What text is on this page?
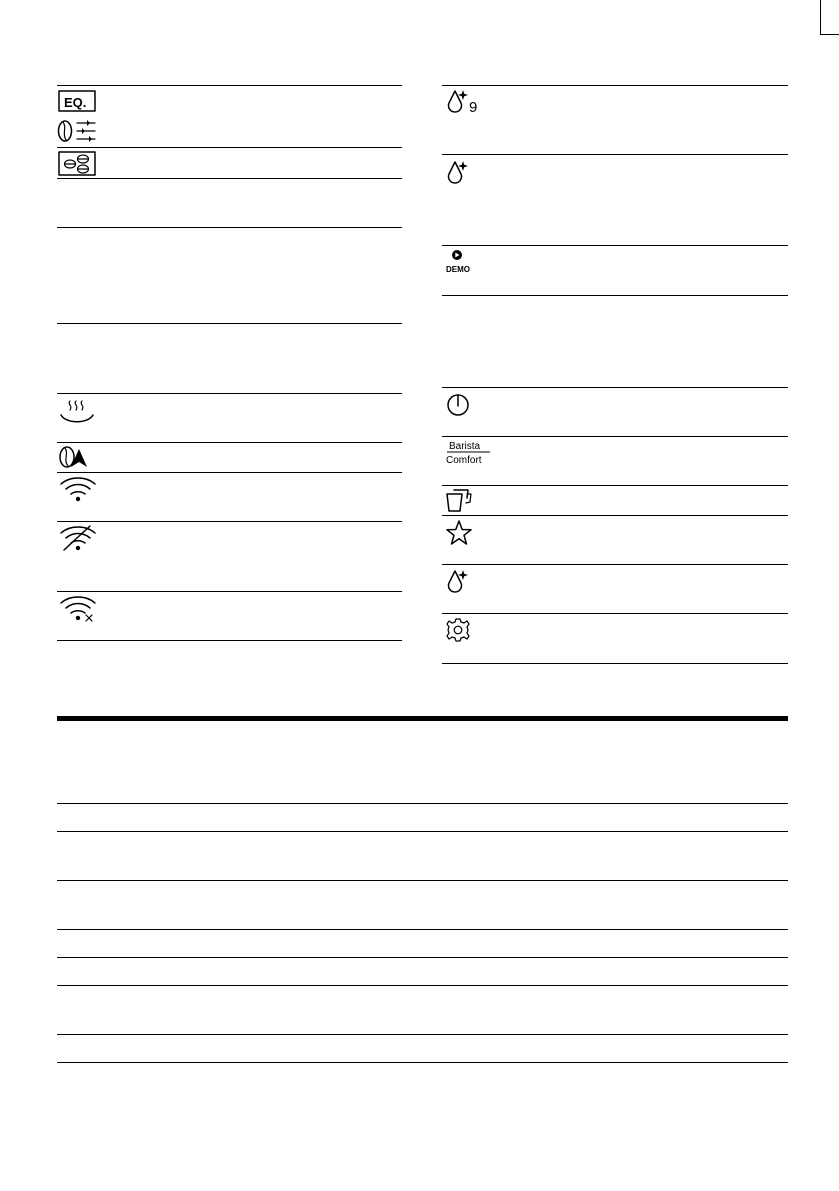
EQ.	9
DEMO
Barista
Comfort
